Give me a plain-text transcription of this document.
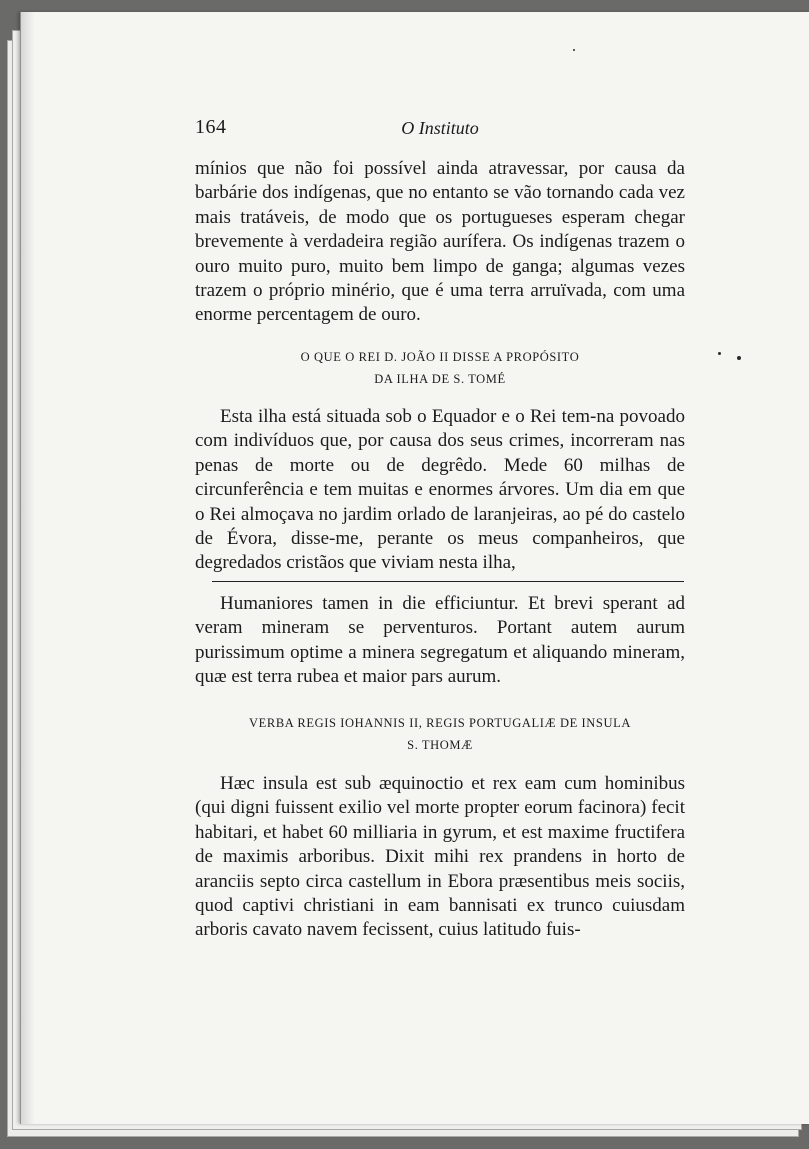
164	O Instituto

mínios que não foi possível ainda atravessar, por causa da barbárie dos indígenas, que no entanto se vão tornando cada vez mais tratáveis, de modo que os portugueses esperam chegar brevemente à verdadeira região aurífera. Os indígenas trazem o ouro muito puro, muito bem limpo de ganga; algumas vezes trazem o próprio minério, que é uma terra arruïvada, com uma enorme percentagem de ouro.

O QUE O REI D. JOÃO II DISSE A PROPÓSITO
DA ILHA DE S. TOMÉ

Esta ilha está situada sob o Equador e o Rei tem-na povoado com indivíduos que, por causa dos seus crimes, incorreram nas penas de morte ou de degrêdo. Mede 60 milhas de circunferência e tem muitas e enormes árvores. Um dia em que o Rei almoçava no jardim orlado de laranjeiras, ao pé do castelo de Évora, disse-me, perante os meus companheiros, que degredados cristãos que viviam nesta ilha,

Humaniores tamen in die efficiuntur. Et brevi sperant ad veram mineram se perventuros. Portant autem aurum purissimum optime a minera segregatum et aliquando mineram, quæ est terra rubea et maior pars aurum.

VERBA REGIS IOHANNIS II, REGIS PORTUGALIÆ DE INSULA
S. THOMÆ

Hæc insula est sub æquinoctio et rex eam cum hominibus (qui digni fuissent exilio vel morte propter eorum facinora) fecit habitari, et habet 60 milliaria in gyrum, et est maxime fructifera de maximis arboribus. Dixit mihi rex prandens in horto de aranciis septo circa castellum in Ebora præsentibus meis sociis, quod captivi christiani in eam bannisati ex trunco cuiusdam arboris cavato navem fecissent, cuius latitudo fuis-
